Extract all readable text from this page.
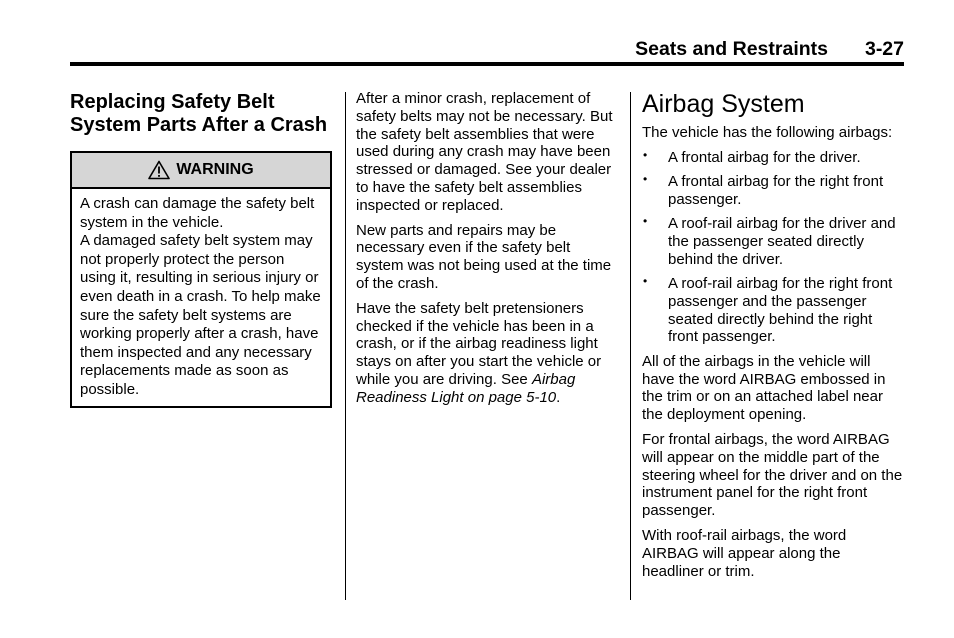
Seats and Restraints 3-27
Replacing Safety Belt System Parts After a Crash
WARNING

A crash can damage the safety belt system in the vehicle.

A damaged safety belt system may not properly protect the person using it, resulting in serious injury or even death in a crash. To help make sure the safety belt systems are working properly after a crash, have them inspected and any necessary replacements made as soon as possible.

After a minor crash, replacement of safety belts may not be necessary. But the safety belt assemblies that were used during any crash may have been stressed or damaged. See your dealer to have the safety belt assemblies inspected or replaced.

New parts and repairs may be necessary even if the safety belt system was not being used at the time of the crash.

Have the safety belt pretensioners checked if the vehicle has been in a crash, or if the airbag readiness light stays on after you start the vehicle or while you are driving. See Airbag Readiness Light on page 5-10.

Airbag System

The vehicle has the following airbags:

• A frontal airbag for the driver.
• A frontal airbag for the right front passenger.
• A roof-rail airbag for the driver and the passenger seated directly behind the driver.
• A roof-rail airbag for the right front passenger and the passenger seated directly behind the right front passenger.

All of the airbags in the vehicle will have the word AIRBAG embossed in the trim or on an attached label near the deployment opening.

For frontal airbags, the word AIRBAG will appear on the middle part of the steering wheel for the driver and on the instrument panel for the right front passenger.

With roof-rail airbags, the word AIRBAG will appear along the headliner or trim.
